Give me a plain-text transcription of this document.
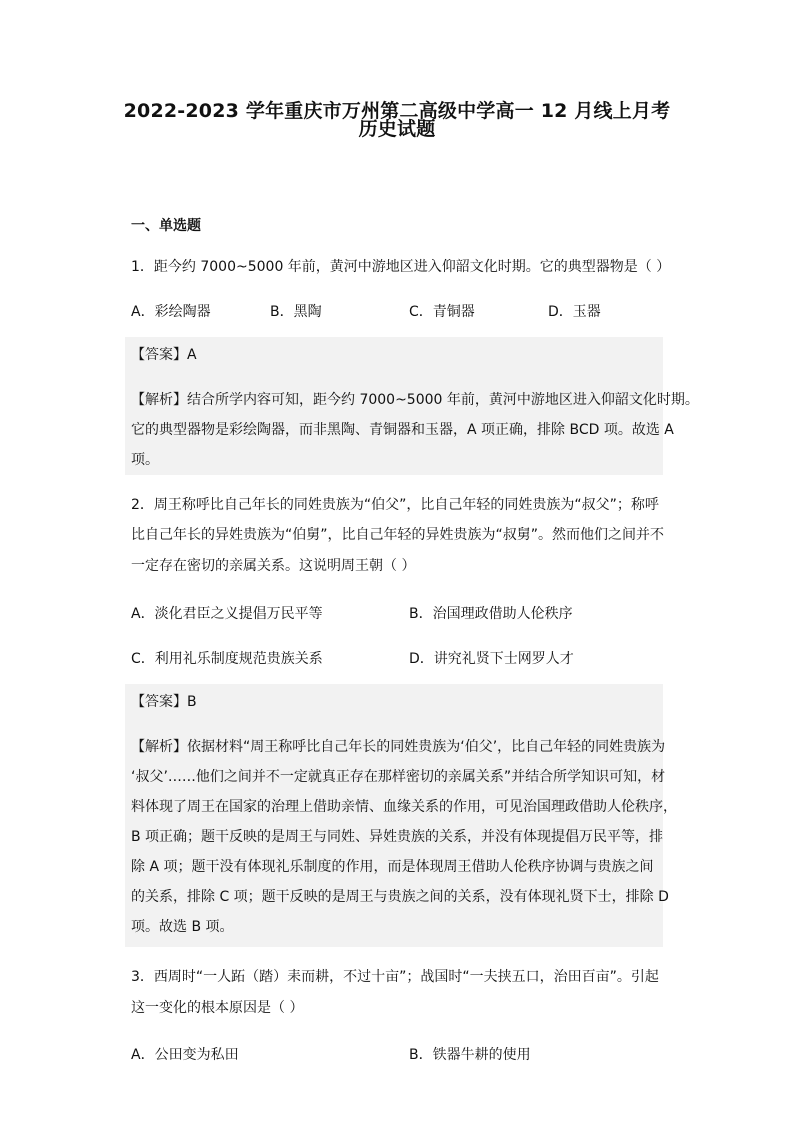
2022-2023 学年重庆市万州第二高级中学高一 12 月线上月考
历史试题
一、单选题
1．距今约 7000~5000 年前，黄河中游地区进入仰韶文化时期。它的典型器物是（ ）
A．彩绘陶器	B．黑陶	C．青铜器	D．玉器
【答案】A
【解析】结合所学内容可知，距今约 7000~5000 年前，黄河中游地区进入仰韶文化时期。
它的典型器物是彩绘陶器，而非黑陶、青铜器和玉器，A 项正确，排除 BCD 项。故选 A
项。
2．周王称呼比自己年长的同姓贵族为“伯父”，比自己年轻的同姓贵族为“叔父”；称呼
比自己年长的异姓贵族为“伯舅”，比自己年轻的异姓贵族为“叔舅”。然而他们之间并不
一定存在密切的亲属关系。这说明周王朝（ ）
A．淡化君臣之义提倡万民平等	B．治国理政借助人伦秩序
C．利用礼乐制度规范贵族关系	D．讲究礼贤下士网罗人才
【答案】B
【解析】依据材料“周王称呼比自己年长的同姓贵族为‘伯父’，比自己年轻的同姓贵族为
‘叔父’……他们之间并不一定就真正存在那样密切的亲属关系”并结合所学知识可知，材
料体现了周王在国家的治理上借助亲情、血缘关系的作用，可见治国理政借助人伦秩序，
B 项正确；题干反映的是周王与同姓、异姓贵族的关系，并没有体现提倡万民平等，排
除 A 项；题干没有体现礼乐制度的作用，而是体现周王借助人伦秩序协调与贵族之间
的关系，排除 C 项；题干反映的是周王与贵族之间的关系，没有体现礼贤下士，排除 D
项。故选 B 项。
3．西周时“一人跖（踏）耒而耕，不过十亩”；战国时“一夫挟五口，治田百亩”。引起
这一变化的根本原因是（ ）
A．公田变为私田	B．铁器牛耕的使用
